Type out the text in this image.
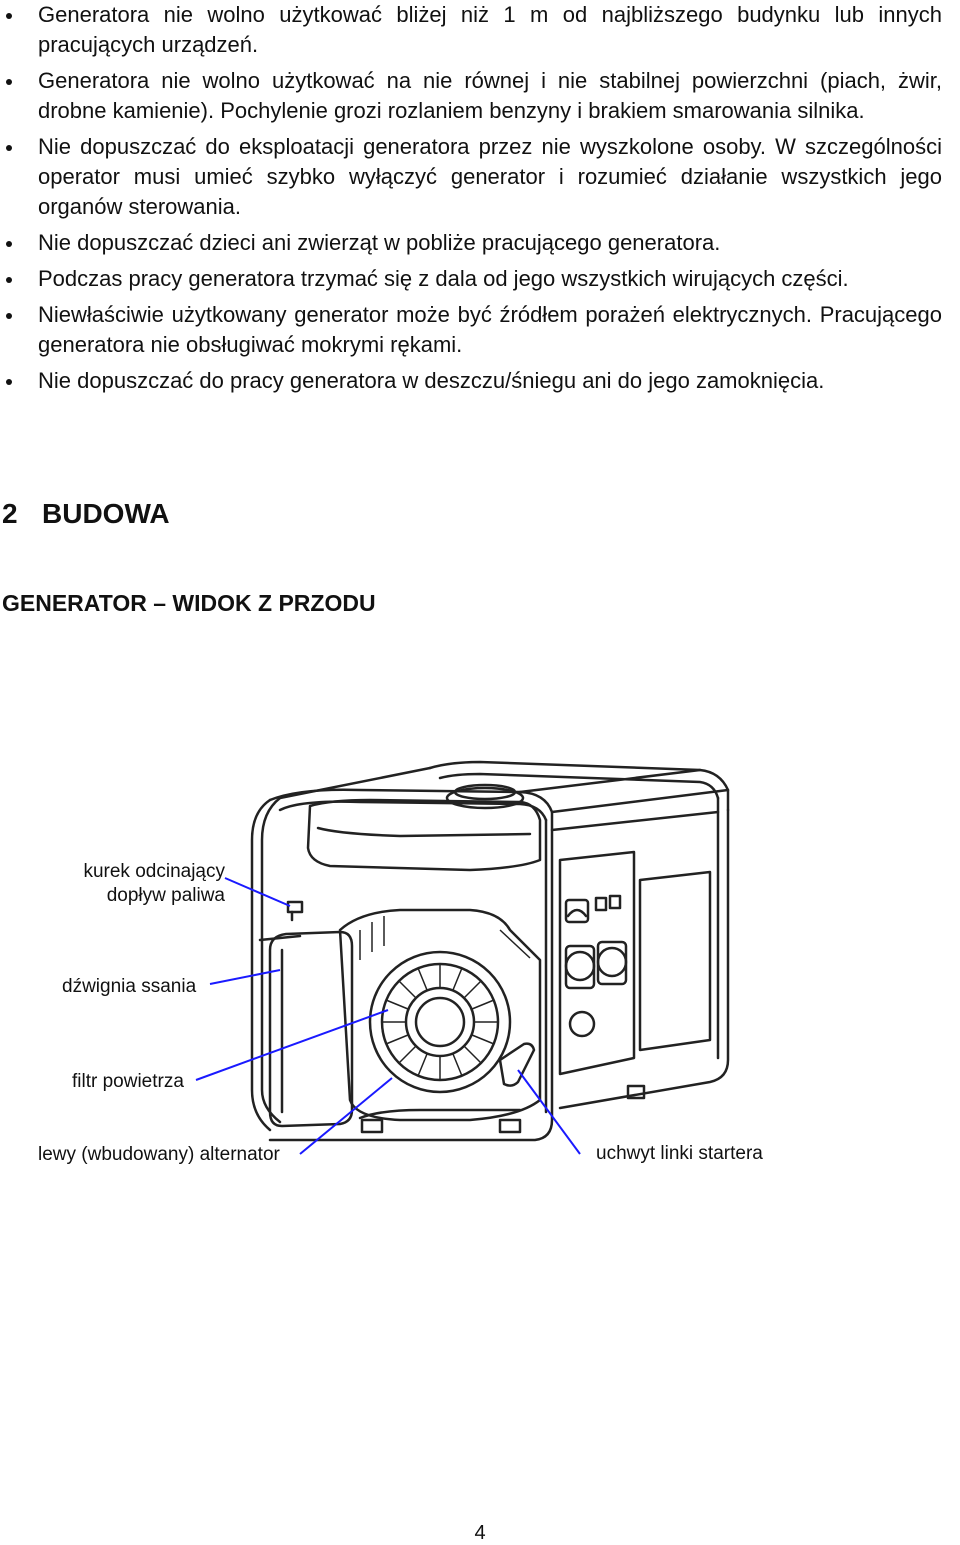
Generatora nie wolno użytkować bliżej niż 1 m od najbliższego budynku lub innych pracujących urządzeń.

Generatora nie wolno użytkować na nie równej i nie stabilnej powierzchni (piach, żwir, drobne kamienie). Pochylenie grozi rozlaniem benzyny i brakiem smarowania silnika.

Nie dopuszczać do eksploatacji generatora przez nie wyszkolone osoby. W szczególności operator musi umieć szybko wyłączyć generator i rozumieć działanie wszystkich jego organów sterowania.

Nie dopuszczać dzieci ani zwierząt w pobliże pracującego generatora.

Podczas pracy generatora trzymać się z dala od jego wszystkich wirujących części.

Niewłaściwie użytkowany generator może być źródłem porażeń elektrycznych. Pracującego generatora nie obsługiwać mokrymi rękami.

Nie dopuszczać do pracy generatora w deszczu/śniegu ani do jego zamoknięcia.

2 BUDOWA
GENERATOR – WIDOK Z PRZODU
kurek odcinający
dopływ paliwa
dźwignia ssania
filtr powietrza
lewy (wbudowany) alternator	uchwyt linki startera
4
